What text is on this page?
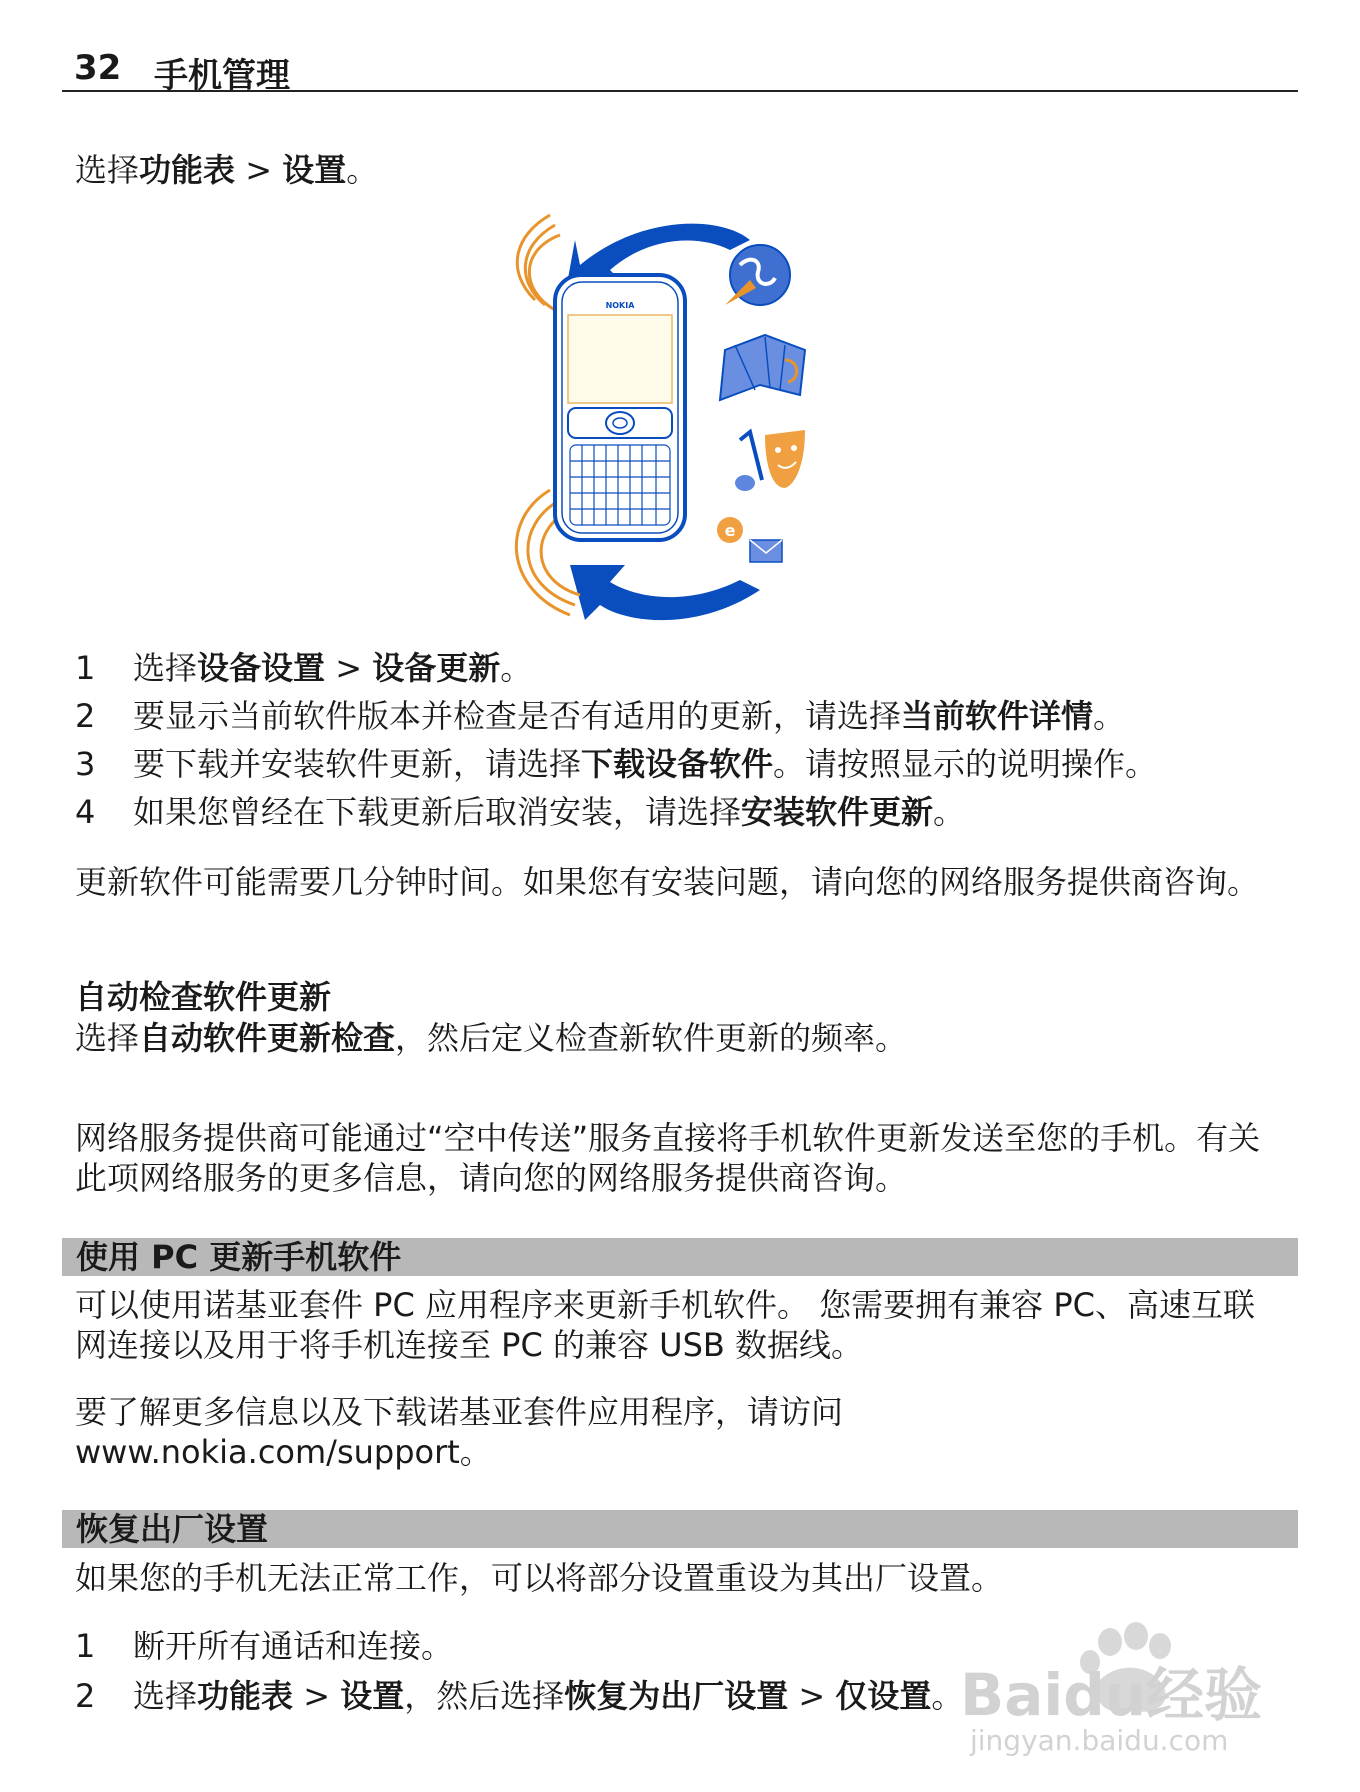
32 手机管理
选择功能表 > 设置。
NOKIA
e
1 选择设备设置 > 设备更新。
2 要显示当前软件版本并检查是否有适用的更新，请选择当前软件详情。
3 要下载并安装软件更新，请选择下载设备软件。请按照显示的说明操作。
4 如果您曾经在下载更新后取消安装，请选择安装软件更新。
更新软件可能需要几分钟时间。如果您有安装问题，请向您的网络服务提供商咨询。
自动检查软件更新
选择自动软件更新检查，然后定义检查新软件更新的频率。
网络服务提供商可能通过“空中传送”服务直接将手机软件更新发送至您的手机。有关此项网络服务的更多信息，请向您的网络服务提供商咨询。
使用 PC 更新手机软件
可以使用诺基亚套件 PC 应用程序来更新手机软件。 您需要拥有兼容 PC、高速互联网连接以及用于将手机连接至 PC 的兼容 USB 数据线。
要了解更多信息以及下载诺基亚套件应用程序，请访问 www.nokia.com/support。
恢复出厂设置
如果您的手机无法正常工作，可以将部分设置重设为其出厂设置。
1 断开所有通话和连接。
2 选择功能表 > 设置，然后选择恢复为出厂设置 > 仅设置。
Baidu经验
jingyan.baidu.com
